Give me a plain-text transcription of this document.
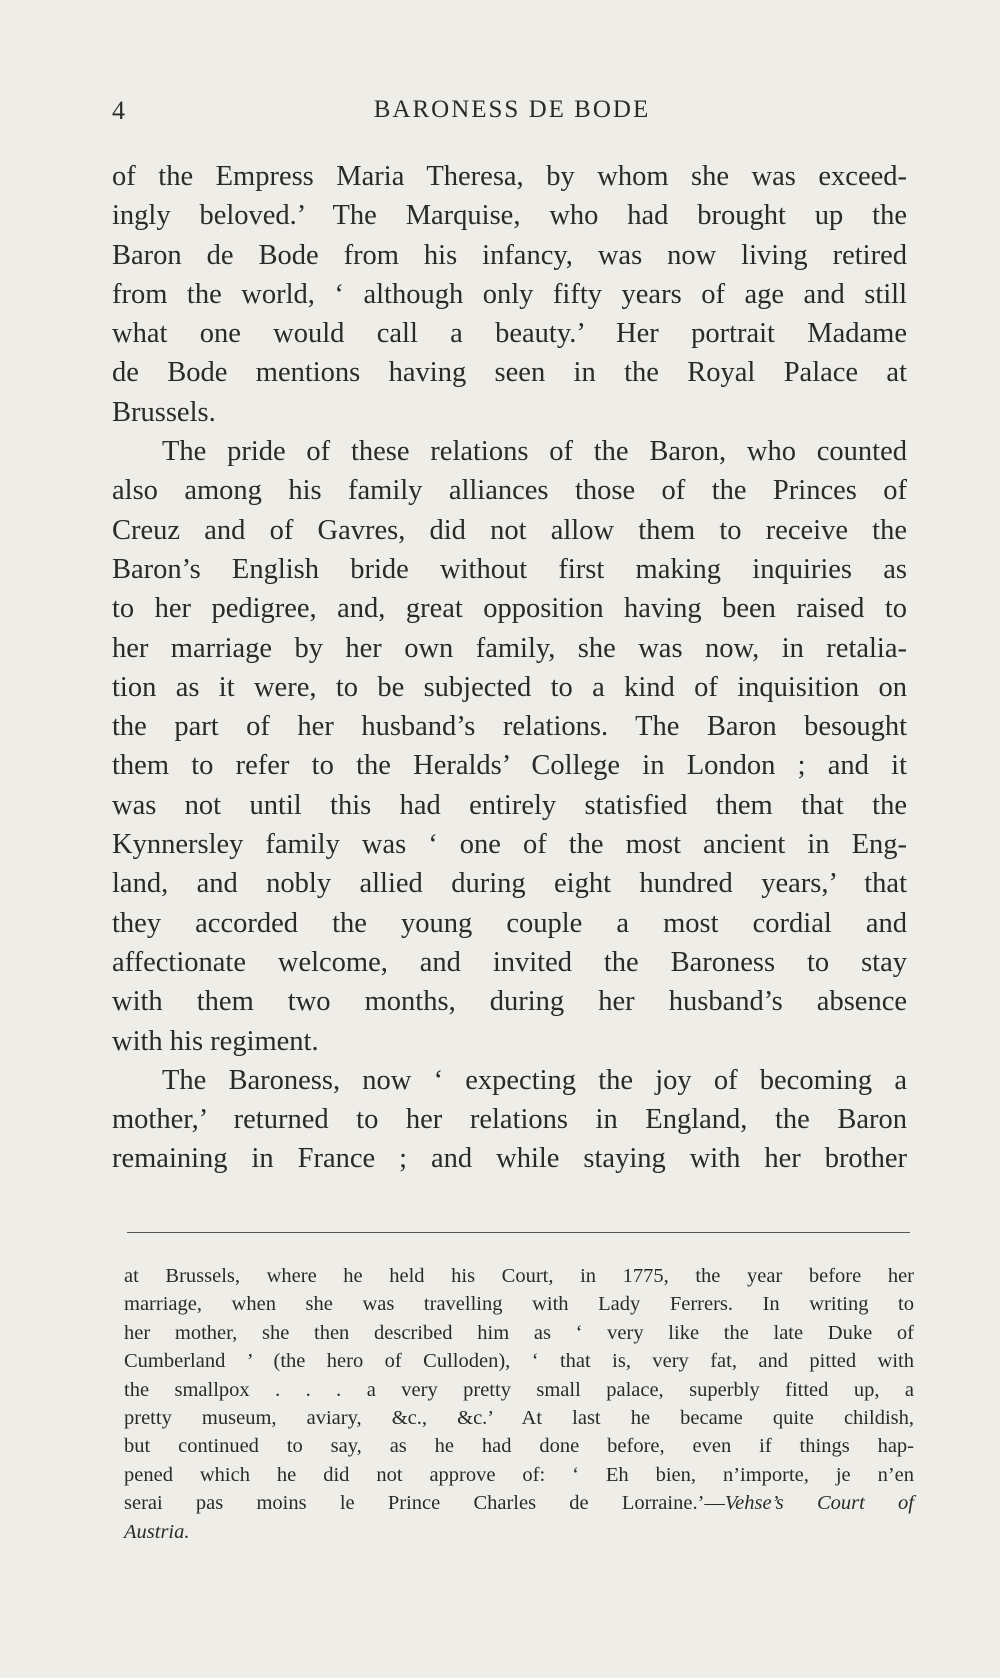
4	BARONESS DE BODE
of the Empress Maria Theresa, by whom she was exceed-
ingly beloved.’ The Marquise, who had brought up the
Baron de Bode from his infancy, was now living retired
from the world, ‘ although only fifty years of age and still
what one would call a beauty.’ Her portrait Madame
de Bode mentions having seen in the Royal Palace at
Brussels.
The pride of these relations of the Baron, who counted
also among his family alliances those of the Princes of
Creuz and of Gavres, did not allow them to receive the
Baron’s English bride without first making inquiries as
to her pedigree, and, great opposition having been raised to
her marriage by her own family, she was now, in retalia-
tion as it were, to be subjected to a kind of inquisition on
the part of her husband’s relations. The Baron besought
them to refer to the Heralds’ College in London ; and it
was not until this had entirely statisfied them that the
Kynnersley family was ‘ one of the most ancient in Eng-
land, and nobly allied during eight hundred years,’ that
they accorded the young couple a most cordial and
affectionate welcome, and invited the Baroness to stay
with them two months, during her husband’s absence
with his regiment.
The Baroness, now ‘ expecting the joy of becoming a
mother,’ returned to her relations in England, the Baron
remaining in France ; and while staying with her brother
at Brussels, where he held his Court, in 1775, the year before her
marriage, when she was travelling with Lady Ferrers. In writing to
her mother, she then described him as ‘ very like the late Duke of
Cumberland ’ (the hero of Culloden), ‘ that is, very fat, and pitted with
the smallpox . . . a very pretty small palace, superbly fitted up, a
pretty museum, aviary, &c., &c.’ At last he became quite childish,
but continued to say, as he had done before, even if things hap-
pened which he did not approve of: ‘ Eh bien, n’importe, je n’en
serai pas moins le Prince Charles de Lorraine.’—Vehse’s Court of
Austria.
